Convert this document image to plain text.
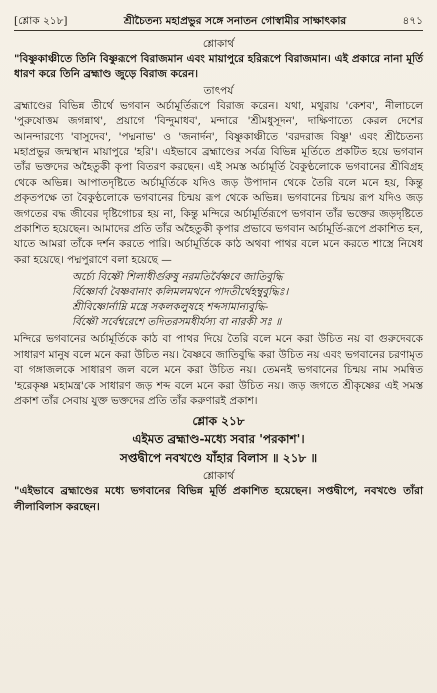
[শ্লোক ২১৮]	শ্রীচৈতন্য মহাপ্রভুর সঙ্গে সনাতন গোস্বামীর সাক্ষাৎকার	৪৭১
শ্লোকার্থ

"বিষ্ণুকাঞ্চীতে তিনি বিষ্ণুরূপে বিরাজমান এবং মায়াপুরে হরিরূপে বিরাজমান। এই প্রকারে নানা মূর্তি ধারণ করে তিনি ব্রহ্মাণ্ড জুড়ে বিরাজ করেন।

তাৎপর্য

ব্রহ্মাণ্ডের বিভিন্ন তীর্থে ভগবান অর্চামূর্তিরূপে বিরাজ করেন। যথা, মথুরায় 'কেশব', নীলাচলে 'পুরুষোত্তম জগন্নাথ', প্রয়াগে 'বিন্দুমাধব', মন্দারে 'শ্রীমধুসূদন', দাক্ষিণাত্যে কেরল দেশের আনন্দারণ্যে 'বাসুদেব', 'পদ্মনাভ' ও 'জনার্দন', বিষ্ণুকাঞ্চীতে 'বরদরাজ বিষ্ণু' এবং শ্রীচৈতন্য মহাপ্রভুর জন্মস্থান মায়াপুরে 'হরি'। এইভাবে ব্রহ্মাণ্ডের সর্বত্র বিভিন্ন মূর্তিতে প্রকটিত হয়ে ভগবান তাঁর ভক্তদের অহৈতুকী কৃপা বিতরণ করছেন। এই সমস্ত অর্চামূর্তি বৈকুণ্ঠলোকে ভগবানের শ্রীবিগ্রহ থেকে অভিন্ন। আপাতদৃষ্টিতে অর্চামূর্তিকে যদিও জড় উপাদান থেকে তৈরি বলে মনে হয়, কিন্তু প্রকৃতপক্ষে তা বৈকুণ্ঠলোকে ভগবানের চিন্ময় রূপ থেকে অভিন্ন। ভগবানের চিন্ময় রূপ যদিও জড় জগতের বদ্ধ জীবের দৃষ্টিগোচর হয় না, কিন্তু মন্দিরে অর্চামূর্তিরূপে ভগবান তাঁর ভক্তের জড়দৃষ্টিতে প্রকাশিত হয়েছেন। আমাদের প্রতি তাঁর অহৈতুকী কৃপার প্রভাবে ভগবান অর্চামূর্তি-রূপে প্রকাশিত হন, যাতে আমরা তাঁকে দর্শন করতে পারি। অর্চামূর্তিকে কাঠ অথবা পাথর বলে মনে করতে শাস্ত্রে নিষেধ করা হয়েছে। পদ্মপুরাণে বলা হয়েছে —

অর্চ্যে বিষ্ণৌ শিলাধীর্গুরুষু নরমতির্বৈষ্ণবে জাতিবুদ্ধি
র্বিষ্ণোর্বা বৈষ্ণবানাং কলিমলমথনে পাদতীর্থেহম্বুবুদ্ধিঃ।
শ্রীবিষ্ণোর্নাম্নি মন্ত্রে সকলকলুষহে শব্দসামান্যবুদ্ধি-
র্বিষ্ণৌ সর্বেশ্বরেশে তদিতরসমধীর্যস্য বা নারকী সঃ ॥

মন্দিরে ভগবানের অর্চামূর্তিকে কাঠ বা পাথর দিয়ে তৈরি বলে মনে করা উচিত নয় বা গুরুদেবকে সাধারণ মানুষ বলে মনে করা উচিত নয়। বৈষ্ণবে জাতিবুদ্ধি করা উচিত নয় এবং ভগবানের চরণামৃত বা গঙ্গাজলকে সাধারণ জল বলে মনে করা উচিত নয়। তেমনই ভগবানের চিন্ময় নাম সমন্বিত 'হরেকৃষ্ণ মহামন্ত্র'কে সাধারণ জড় শব্দ বলে মনে করা উচিত নয়। জড় জগতে শ্রীকৃষ্ণের এই সমস্ত প্রকাশ তাঁর সেবায় যুক্ত ভক্তদের প্রতি তাঁর করুণারই প্রকাশ।

শ্লোক ২১৮
এইমত ব্রহ্মাণ্ড-মধ্যে সবার 'পরকাশ'।
সপ্তদ্বীপে নবখণ্ডে যাঁহার বিলাস ॥ ২১৮ ॥
শ্লোকার্থ

"এইভাবে ব্রহ্মাণ্ডের মধ্যে ভগবানের বিভিন্ন মূর্তি প্রকাশিত হয়েছেন। সপ্তদ্বীপে, নবখণ্ডে তাঁরা লীলাবিলাস করছেন।
